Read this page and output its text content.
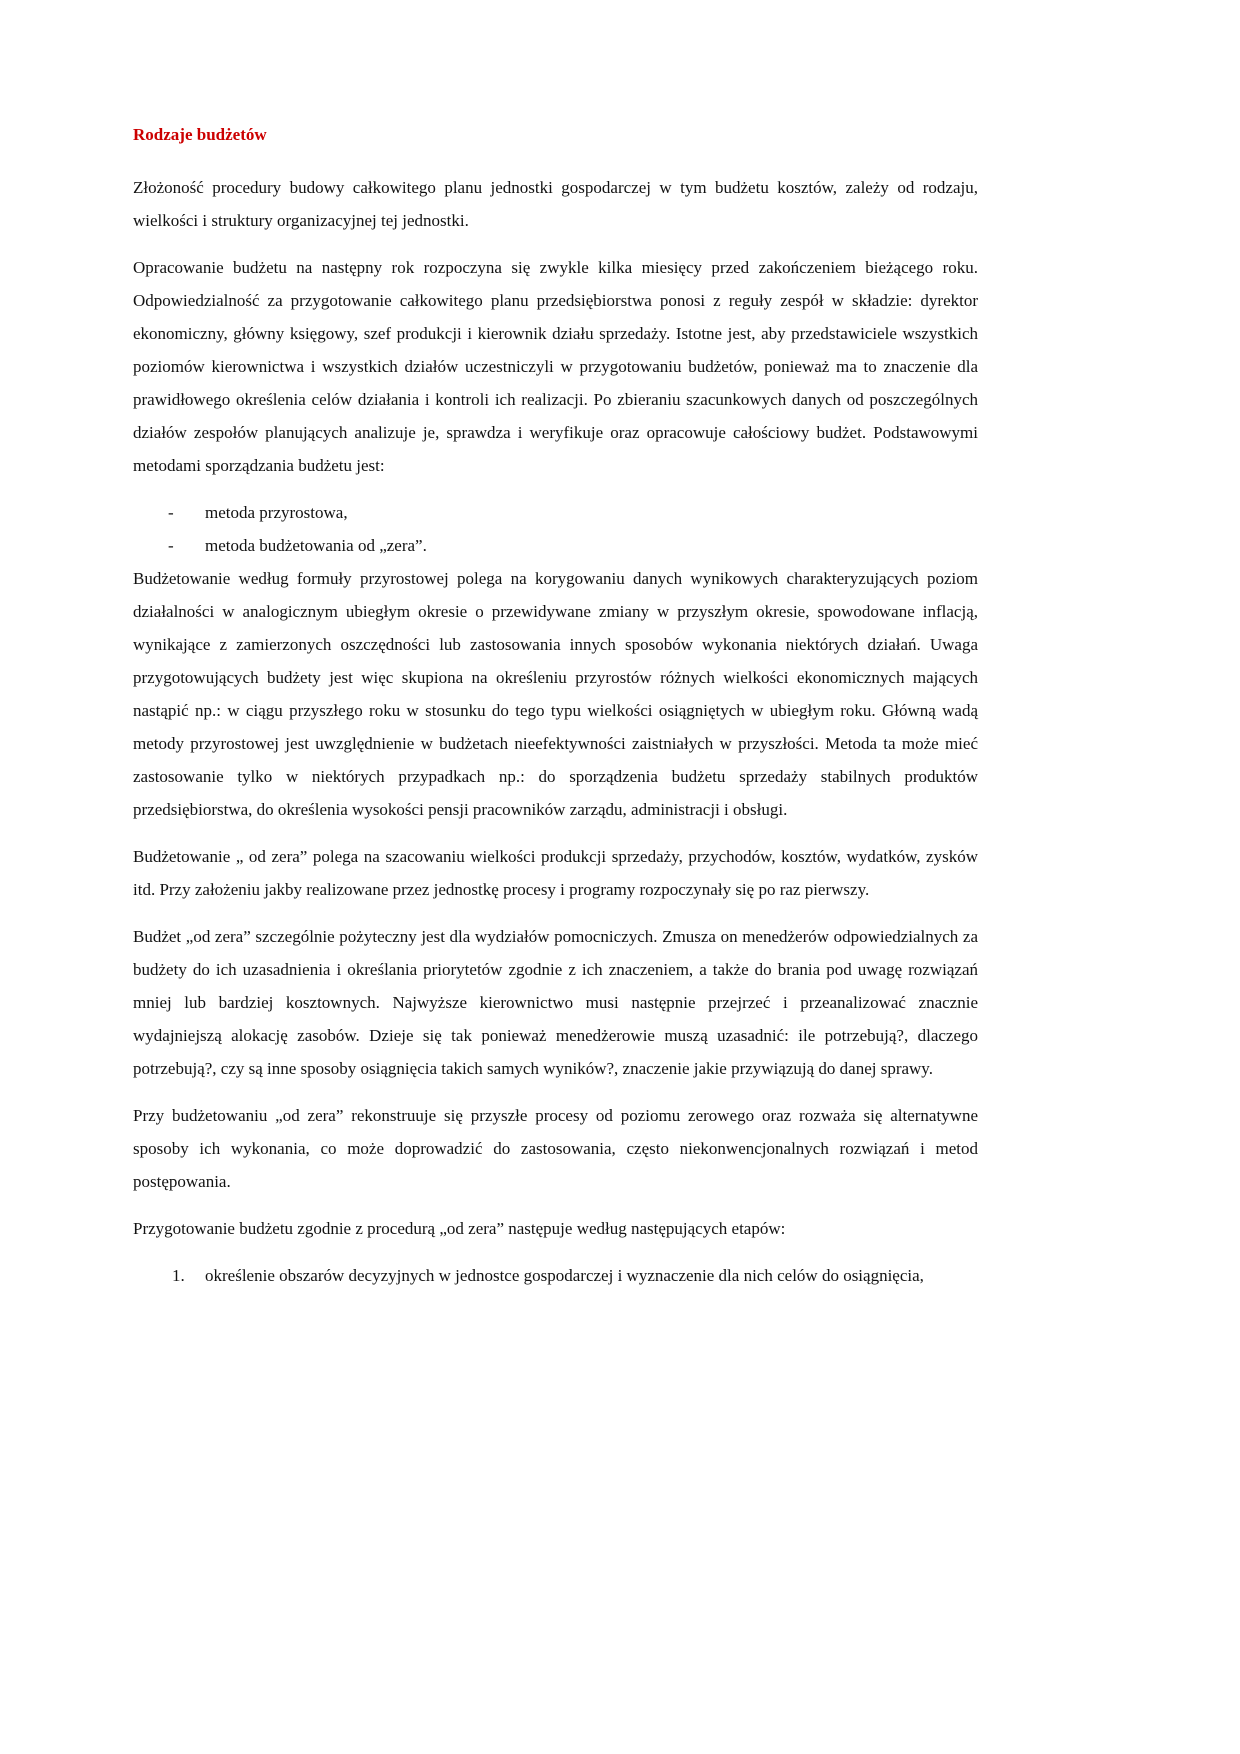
Rodzaje budżetów

Złożoność procedury budowy całkowitego planu jednostki gospodarczej w tym budżetu kosztów, zależy od rodzaju, wielkości i struktury organizacyjnej tej jednostki.

Opracowanie budżetu na następny rok rozpoczyna się zwykle kilka miesięcy przed zakończeniem bieżącego roku. Odpowiedzialność za przygotowanie całkowitego planu przedsiębiorstwa ponosi z reguły zespół w składzie: dyrektor ekonomiczny, główny księgowy, szef produkcji i kierownik działu sprzedaży. Istotne jest, aby przedstawiciele wszystkich poziomów kierownictwa i wszystkich działów uczestniczyli w przygotowaniu budżetów, ponieważ ma to znaczenie dla prawidłowego określenia celów działania i kontroli ich realizacji. Po zbieraniu szacunkowych danych od poszczególnych działów zespołów planujących analizuje je, sprawdza i weryfikuje oraz opracowuje całościowy budżet. Podstawowymi metodami sporządzania budżetu jest:

-	metoda przyrostowa,
-	metoda budżetowania od „zera”.

Budżetowanie według formuły przyrostowej polega na korygowaniu danych wynikowych charakteryzujących poziom działalności w analogicznym ubiegłym okresie o przewidywane zmiany w przyszłym okresie, spowodowane inflacją, wynikające z zamierzonych oszczędności lub zastosowania innych sposobów wykonania niektórych działań. Uwaga przygotowujących budżety jest więc skupiona na określeniu przyrostów różnych wielkości ekonomicznych mających nastąpić np.: w ciągu przyszłego roku w stosunku do tego typu wielkości osiągniętych w ubiegłym roku. Główną wadą metody przyrostowej jest uwzględnienie w budżetach nieefektywności zaistniałych w przyszłości. Metoda ta może mieć zastosowanie tylko w niektórych przypadkach np.: do sporządzenia budżetu sprzedaży stabilnych produktów przedsiębiorstwa, do określenia wysokości pensji pracowników zarządu, administracji i obsługi.

Budżetowanie „ od zera” polega na szacowaniu wielkości produkcji sprzedaży, przychodów, kosztów, wydatków, zysków itd. Przy założeniu jakby realizowane przez jednostkę procesy i programy rozpoczynały się po raz pierwszy.

Budżet „od zera” szczególnie pożyteczny jest dla wydziałów pomocniczych. Zmusza on menedżerów odpowiedzialnych za budżety do ich uzasadnienia i określania priorytetów zgodnie z ich znaczeniem, a także do brania pod uwagę rozwiązań mniej lub bardziej kosztownych. Najwyższe kierownictwo musi następnie przejrzeć i przeanalizować znacznie wydajniejszą alokację zasobów. Dzieje się tak ponieważ menedżerowie muszą uzasadnić: ile potrzebują?, dlaczego potrzebują?, czy są inne sposoby osiągnięcia takich samych wyników?, znaczenie jakie przywiązują do danej sprawy.

Przy budżetowaniu „od zera” rekonstruuje się przyszłe procesy od poziomu zerowego oraz rozważa się alternatywne sposoby ich wykonania, co może doprowadzić do zastosowania, często niekonwencjonalnych rozwiązań i metod postępowania.

Przygotowanie budżetu zgodnie z procedurą „od zera” następuje według następujących etapów:

1.	określenie obszarów decyzyjnych w jednostce gospodarczej i wyznaczenie dla nich celów do osiągnięcia,
